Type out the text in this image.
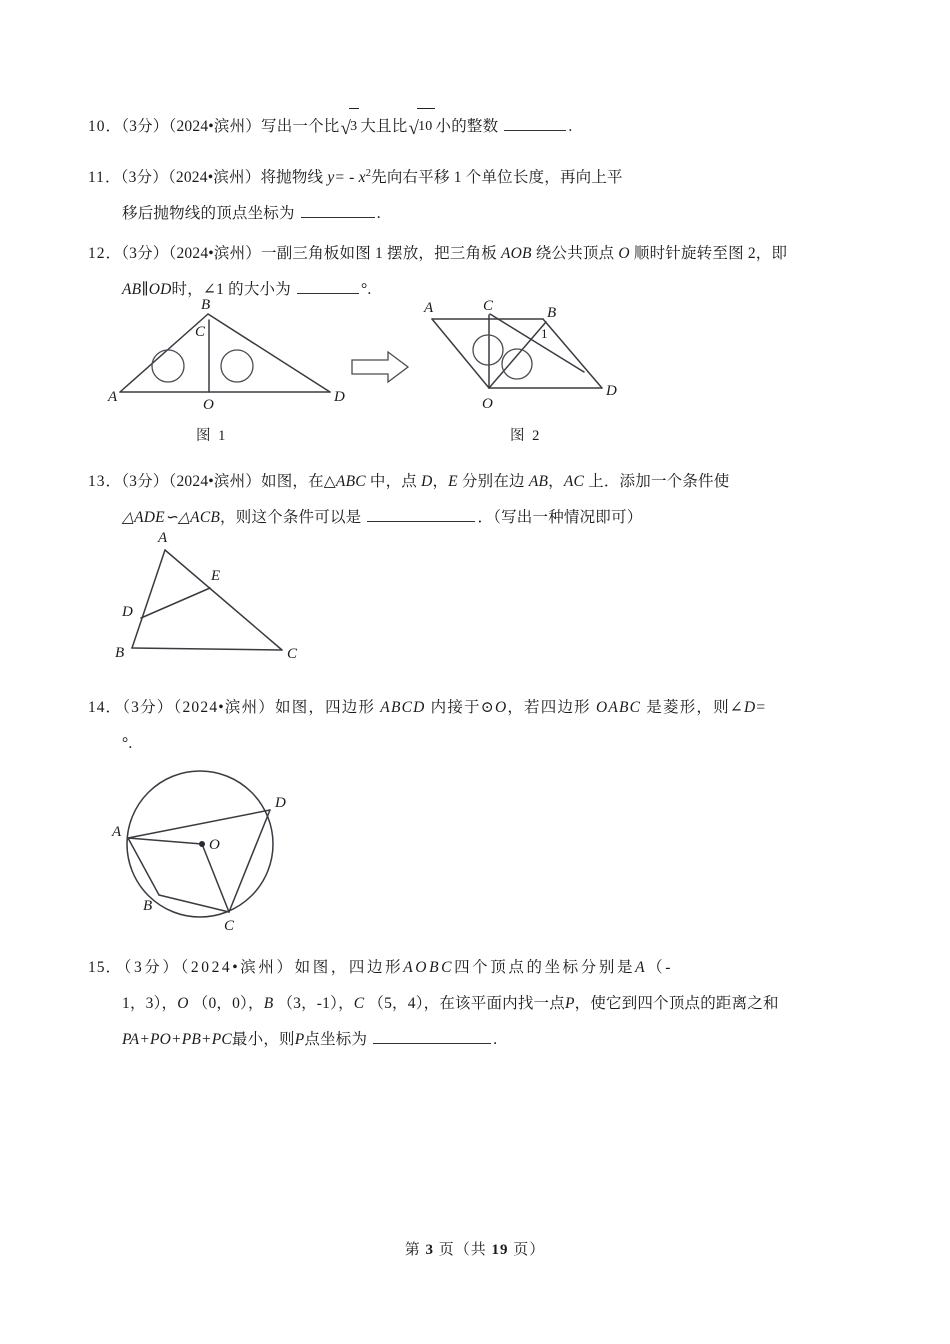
10．（3分）（2024•滨州）写出一个比√3 大且比√10 小的整数	.
11．（3分）（2024•滨州）将抛物线 $y= - x^2$先向右平移 1 个单位长度，再向上平
移后抛物线的顶点坐标为	.
12．（3分）（2024•滨州）一副三角板如图 1 摆放，把三角板 AOB 绕公共顶点 O 顺时针旋转至图 2，即
AB∥OD时，∠1 的大小为	°.
A
B
C
O	D
图 1
A	C	B
1
O
D
图 2
13．（3分）（2024•滨州）如图，在△ABC 中，点 D，E 分别在边 AB，AC 上．添加一个条件使
△ADE∽△ACB，则这个条件可以是	．（写出一种情况即可）
A
E
D
B	C
14．（3分）（2024•滨州）如图，四边形 ABCD 内接于⊙O，若四边形 OABC 是菱形，则∠D=
°.
A
O
D
B
C
15．（3分）（2024•滨州）如图，四边形AOBC四个顶点的坐标分别是A（-
1，3），O （0，0），B （3，-1），C （5，4），在该平面内找一点P，使它到四个顶点的距离之和
PA+PO+PB+PC最小，则P点坐标为	.
第 3 页（共 19 页）
